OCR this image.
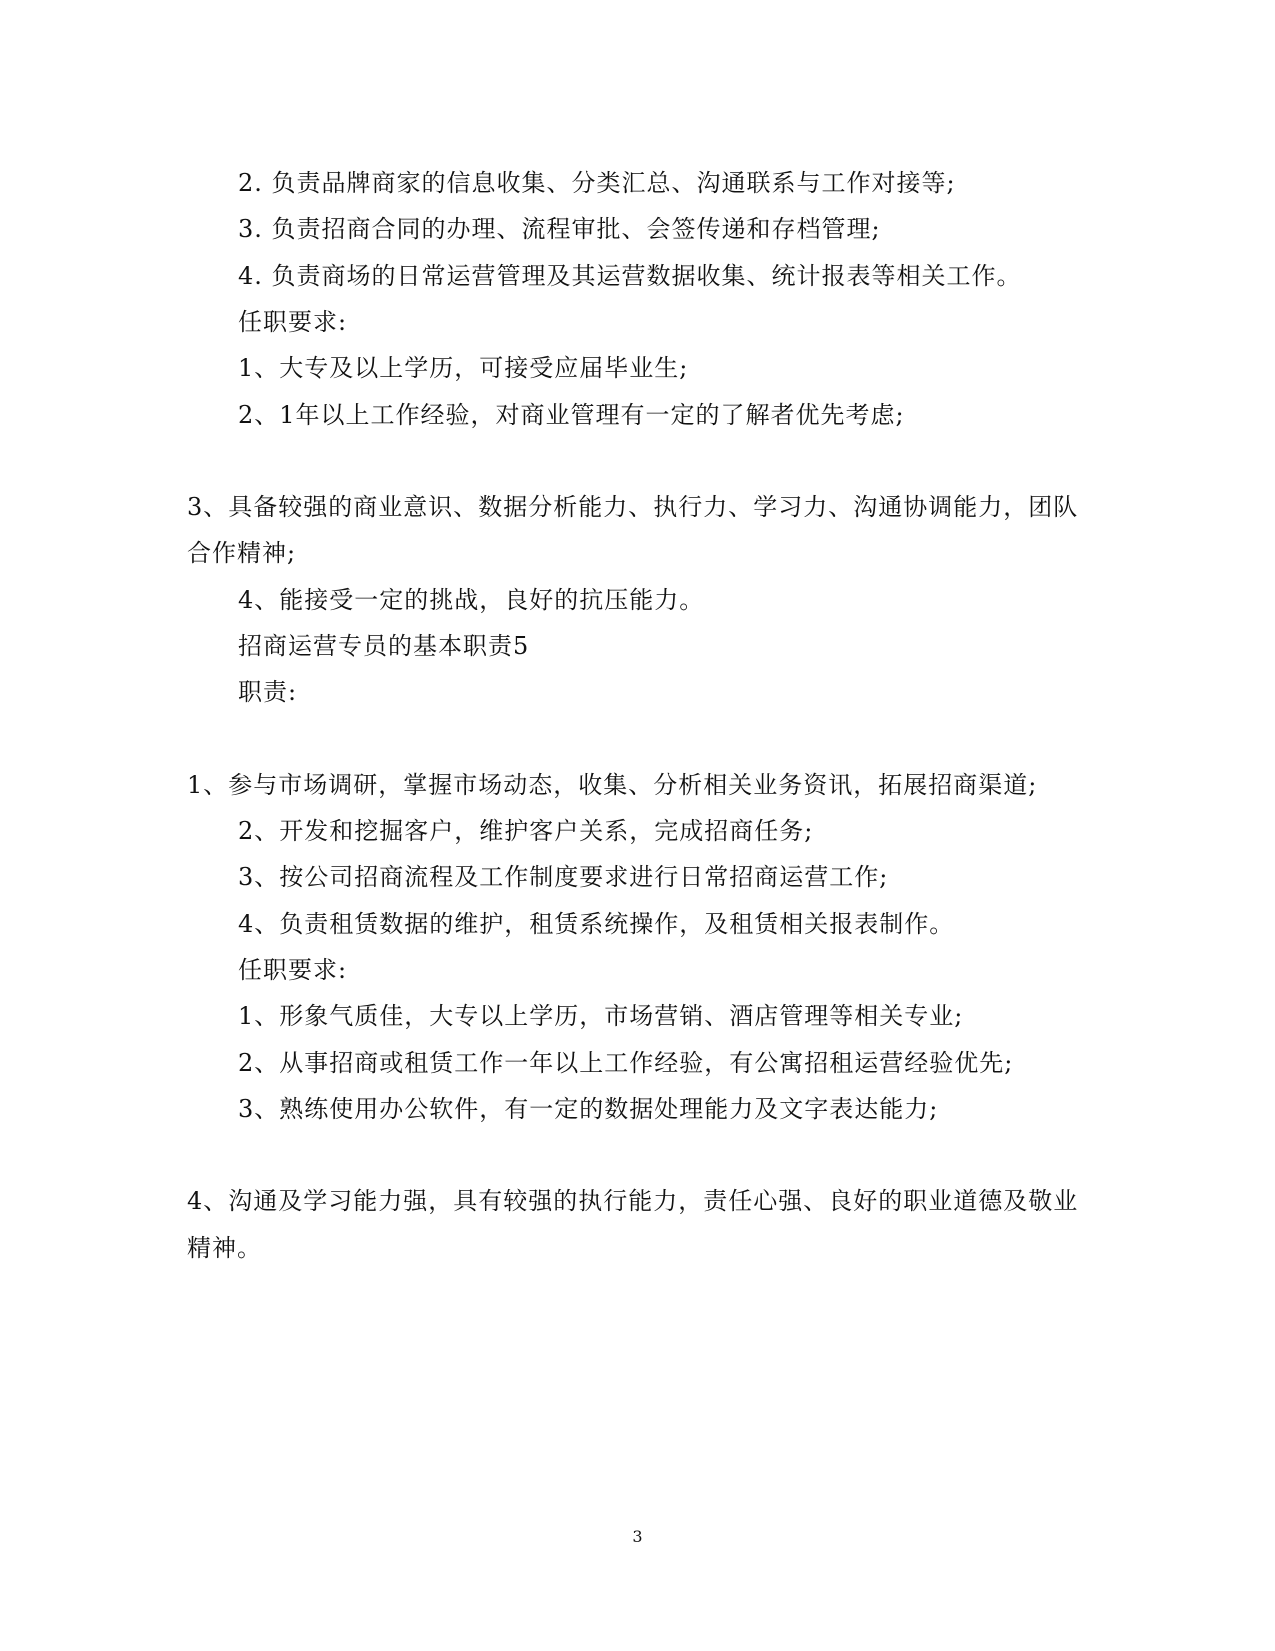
2. 负责品牌商家的信息收集、分类汇总、沟通联系与工作对接等;
3. 负责招商合同的办理、流程审批、会签传递和存档管理;
4. 负责商场的日常运营管理及其运营数据收集、统计报表等相关工作。
任职要求:
1、大专及以上学历，可接受应届毕业生;
2、1年以上工作经验，对商业管理有一定的了解者优先考虑;
3、具备较强的商业意识、数据分析能力、执行力、学习力、沟通协调能力，团队
合作精神;
4、能接受一定的挑战，良好的抗压能力。
招商运营专员的基本职责5
职责:
1、参与市场调研，掌握市场动态，收集、分析相关业务资讯，拓展招商渠道;
2、开发和挖掘客户，维护客户关系，完成招商任务;
3、按公司招商流程及工作制度要求进行日常招商运营工作;
4、负责租赁数据的维护，租赁系统操作，及租赁相关报表制作。
任职要求:
1、形象气质佳，大专以上学历，市场营销、酒店管理等相关专业;
2、从事招商或租赁工作一年以上工作经验，有公寓招租运营经验优先;
3、熟练使用办公软件，有一定的数据处理能力及文字表达能力;
4、沟通及学习能力强，具有较强的执行能力，责任心强、良好的职业道德及敬业
精神。
3
